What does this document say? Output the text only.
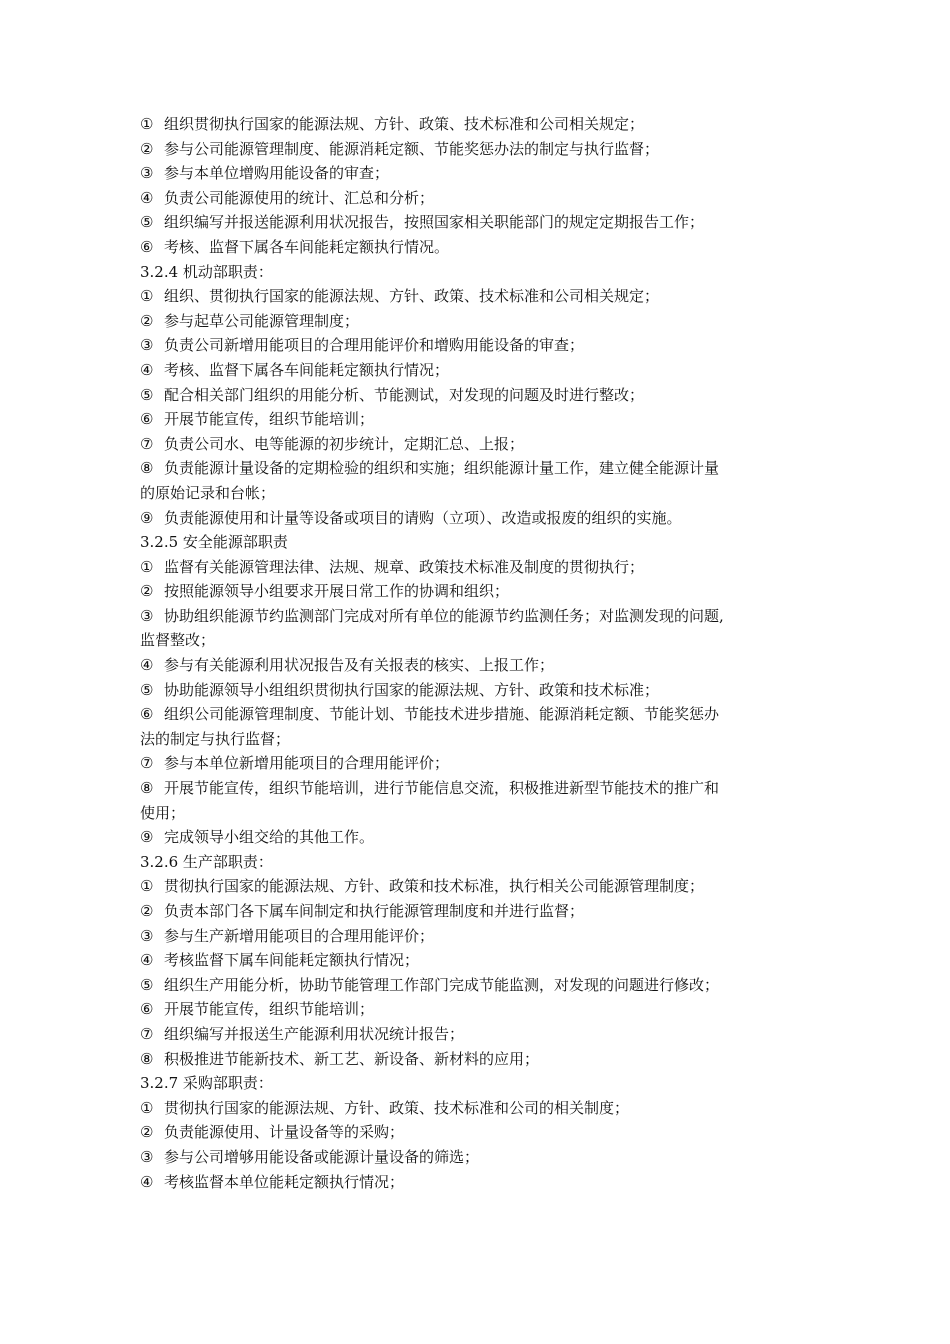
① 组织贯彻执行国家的能源法规、方针、政策、技术标准和公司相关规定；
② 参与公司能源管理制度、能源消耗定额、节能奖惩办法的制定与执行监督；
③ 参与本单位增购用能设备的审查；
④ 负责公司能源使用的统计、汇总和分析；
⑤ 组织编写并报送能源利用状况报告，按照国家相关职能部门的规定定期报告工作；
⑥ 考核、监督下属各车间能耗定额执行情况。
3.2.4 机动部职责：
① 组织、贯彻执行国家的能源法规、方针、政策、技术标准和公司相关规定；
② 参与起草公司能源管理制度；
③ 负责公司新增用能项目的合理用能评价和增购用能设备的审查；
④ 考核、监督下属各车间能耗定额执行情况；
⑤ 配合相关部门组织的用能分析、节能测试，对发现的问题及时进行整改；
⑥ 开展节能宣传，组织节能培训；
⑦ 负责公司水、电等能源的初步统计，定期汇总、上报；
⑧ 负责能源计量设备的定期检验的组织和实施；组织能源计量工作，建立健全能源计量
的原始记录和台帐；
⑨ 负责能源使用和计量等设备或项目的请购（立项）、改造或报废的组织的实施。
3.2.5 安全能源部职责
① 监督有关能源管理法律、法规、规章、政策技术标准及制度的贯彻执行；
② 按照能源领导小组要求开展日常工作的协调和组织；
③ 协助组织能源节约监测部门完成对所有单位的能源节约监测任务；对监测发现的问题,
监督整改；
④ 参与有关能源利用状况报告及有关报表的核实、上报工作；
⑤ 协助能源领导小组组织贯彻执行国家的能源法规、方针、政策和技术标准；
⑥ 组织公司能源管理制度、节能计划、节能技术进步措施、能源消耗定额、节能奖惩办
法的制定与执行监督；
⑦ 参与本单位新增用能项目的合理用能评价；
⑧ 开展节能宣传，组织节能培训，进行节能信息交流，积极推进新型节能技术的推广和
使用；
⑨ 完成领导小组交给的其他工作。
3.2.6 生产部职责：
① 贯彻执行国家的能源法规、方针、政策和技术标准，执行相关公司能源管理制度；
② 负责本部门各下属车间制定和执行能源管理制度和并进行监督；
③ 参与生产新增用能项目的合理用能评价；
④ 考核监督下属车间能耗定额执行情况；
⑤ 组织生产用能分析，协助节能管理工作部门完成节能监测，对发现的问题进行修改；
⑥ 开展节能宣传，组织节能培训；
⑦ 组织编写并报送生产能源利用状况统计报告；
⑧ 积极推进节能新技术、新工艺、新设备、新材料的应用；
3.2.7 采购部职责：
① 贯彻执行国家的能源法规、方针、政策、技术标准和公司的相关制度；
② 负责能源使用、计量设备等的采购；
③ 参与公司增够用能设备或能源计量设备的筛选；
④ 考核监督本单位能耗定额执行情况；
